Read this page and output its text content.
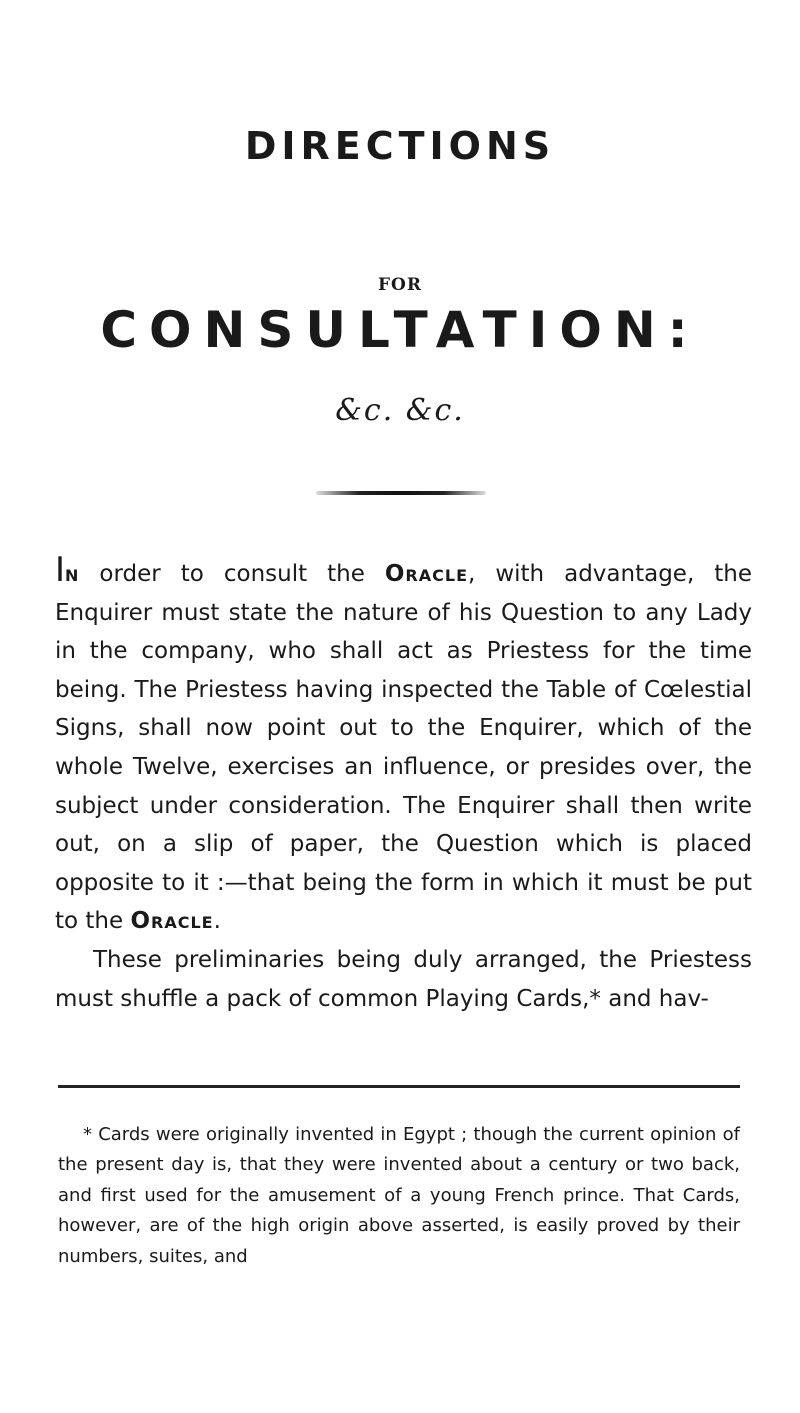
DIRECTIONS
FOR
CONSULTATION:
&c. &c.

In order to consult the Oracle, with advantage, the Enquirer must state the nature of his Question to any Lady in the company, who shall act as Priestess for the time being. The Priestess having inspected the Table of Cœlestial Signs, shall now point out to the Enquirer, which of the whole Twelve, exercises an influence, or presides over, the subject under consideration. The Enquirer shall then write out, on a slip of paper, the Question which is placed opposite to it :—that being the form in which it must be put to the Oracle.

These preliminaries being duly arranged, the Priestess must shuffle a pack of common Playing Cards,* and hav-

* Cards were originally invented in Egypt ; though the current opinion of the present day is, that they were invented about a century or two back, and first used for the amusement of a young French prince. That Cards, however, are of the high origin above asserted, is easily proved by their numbers, suites, and
